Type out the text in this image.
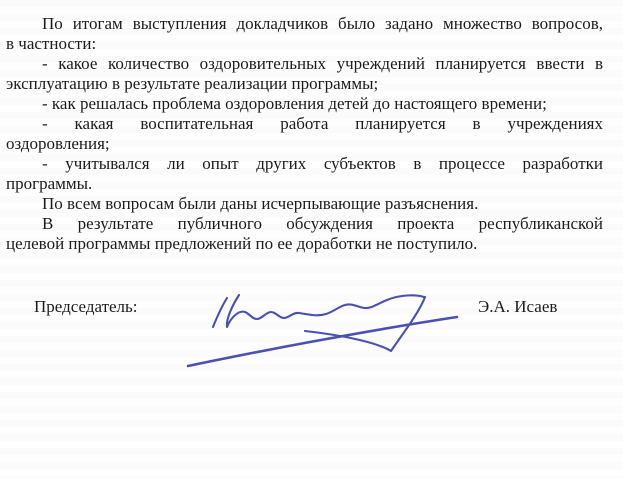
По итогам выступления докладчиков было задано множество вопросов,
в частности:
- какое количество оздоровительных учреждений планируется ввести в
эксплуатацию в результате реализации программы;
- как решалась проблема оздоровления детей до настоящего времени;
- какая воспитательная работа планируется в учреждениях
оздоровления;
- учитывался ли опыт других субъектов в процессе разработки
программы.
По всем вопросам были даны исчерпывающие разъяснения.
В результате публичного обсуждения проекта республиканской
целевой программы предложений по ее доработки не поступило.
Председатель:	Э.А. Исаев
